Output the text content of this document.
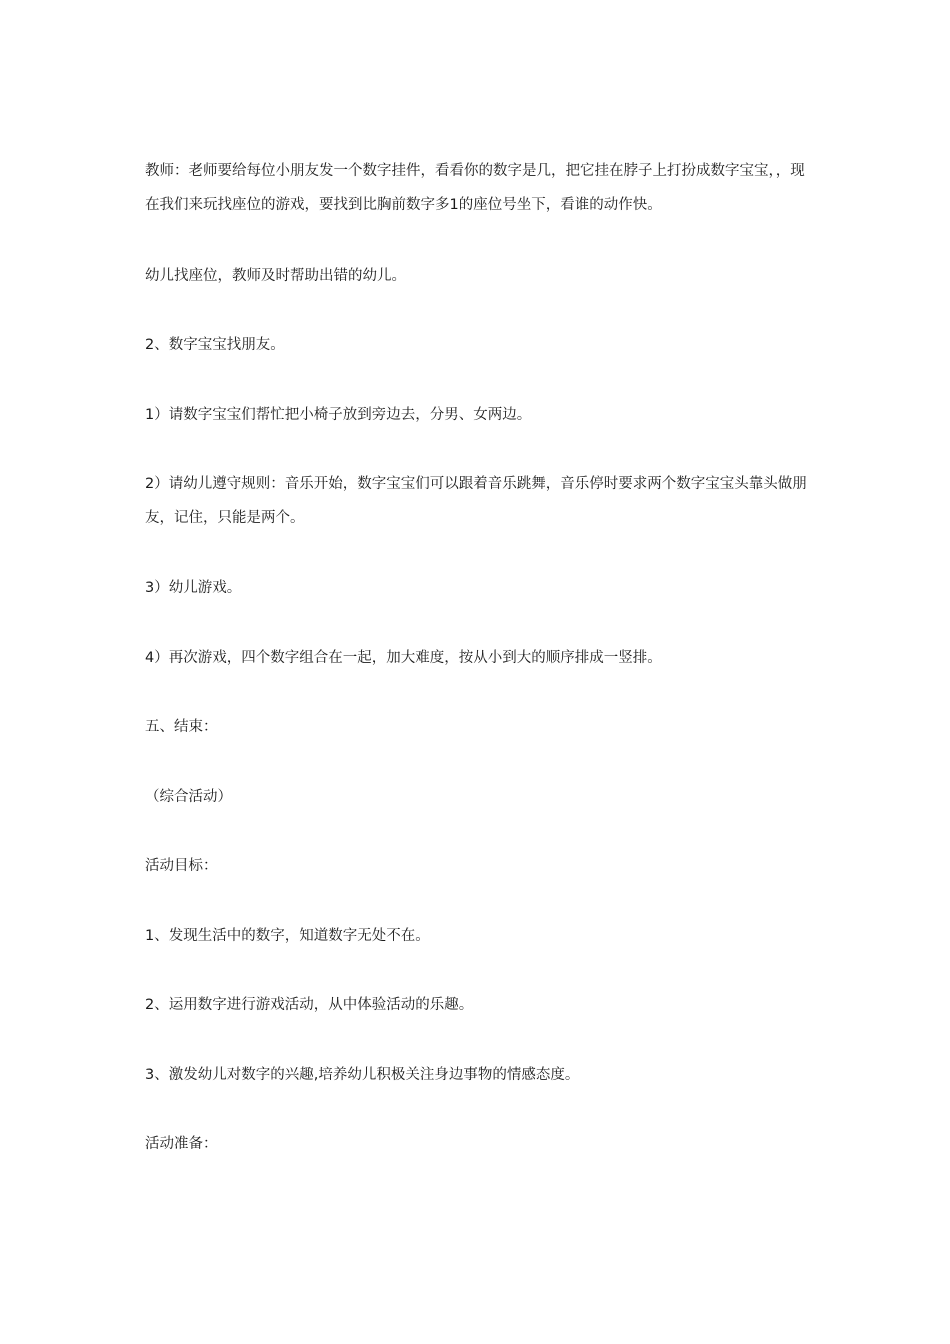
教师：老师要给每位小朋友发一个数字挂件，看看你的数字是几，把它挂在脖子上打扮成数字宝宝，，现在我们来玩找座位的游戏，要找到比胸前数字多1的座位号坐下，看谁的动作快。

幼儿找座位，教师及时帮助出错的幼儿。

2、数字宝宝找朋友。

1）请数字宝宝们帮忙把小椅子放到旁边去，分男、女两边。

2）请幼儿遵守规则：音乐开始，数字宝宝们可以跟着音乐跳舞，音乐停时要求两个数字宝宝头靠头做朋友，记住，只能是两个。

3）幼儿游戏。

4）再次游戏，四个数字组合在一起，加大难度，按从小到大的顺序排成一竖排。

五、结束：

（综合活动）

活动目标：

1、发现生活中的数字，知道数字无处不在。

2、运用数字进行游戏活动，从中体验活动的乐趣。

3、激发幼儿对数字的兴趣,培养幼儿积极关注身边事物的情感态度。

活动准备：
